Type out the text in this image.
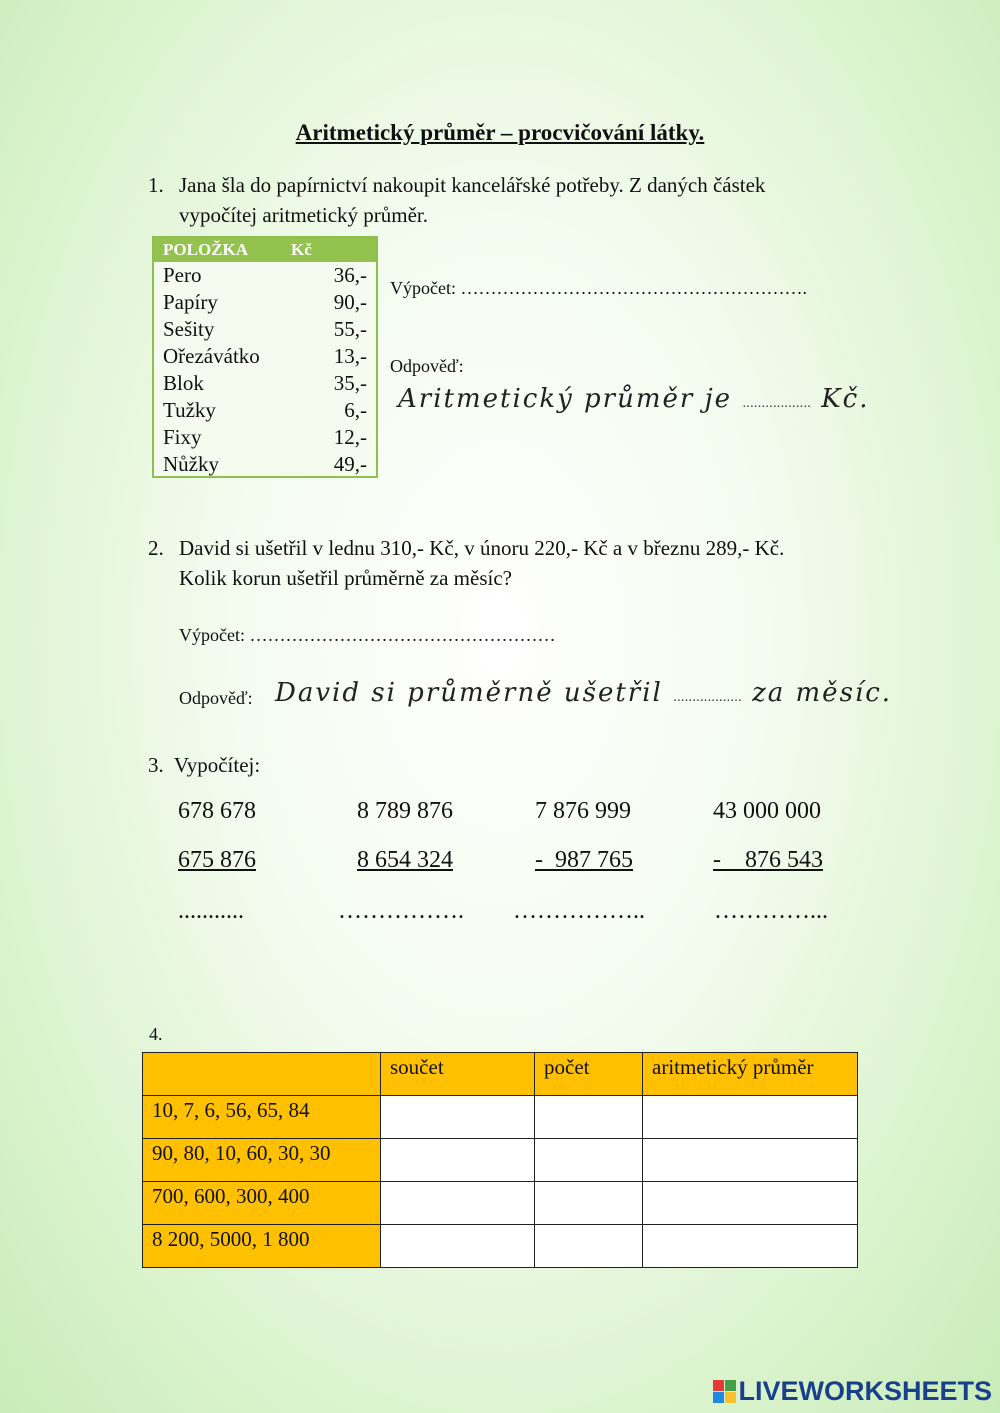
Aritmetický průměr – procvičování látky.
1. Jana šla do papírnictví nakoupit kancelářské potřeby. Z daných částek
vypočítej aritmetický průměr.
POLOŽKA	Kč
Pero	36,-
Papíry	90,-
Sešity	55,-
Ořezávátko	13,-
Blok	35,-
Tužky	6,-
Fixy	12,-
Nůžky	49,-
Výpočet: ………………………………………………….
Odpověď:
Aritmetický průměr je .................. Kč.
2. David si ušetřil v lednu 310,- Kč, v únoru 220,- Kč a v březnu 289,- Kč.
Kolik korun ušetřil průměrně za měsíc?
Výpočet: ……………………………………………
Odpověď: David si průměrně ušetřil .................. za měsíc.
3.  Vypočítej:
678 678
675 876
...........
8 789 876
8 654 324
…………….
7 876 999
-  987 765
……………..
43 000 000
-    876 543
…………...
4.
	součet	počet	aritmetický průměr
10, 7, 6, 56, 65, 84			
90, 80, 10, 60, 30, 30			
700, 600, 300, 400			
8 200, 5000, 1 800			
LIVEWORKSHEETS
